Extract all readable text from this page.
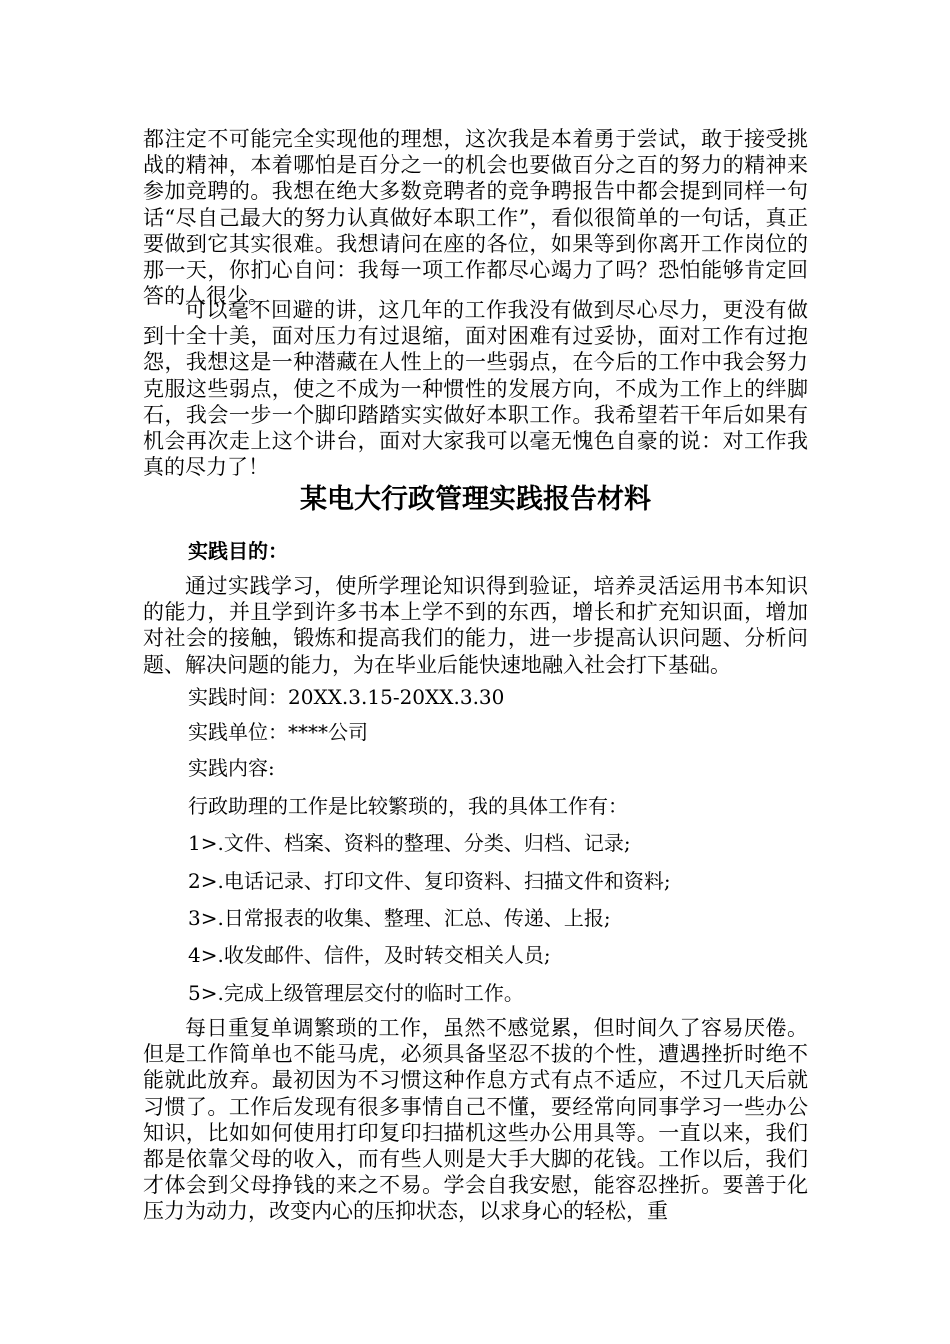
都注定不可能完全实现他的理想，这次我是本着勇于尝试，敢于接受挑战的精神，本着哪怕是百分之一的机会也要做百分之百的努力的精神来参加竞聘的。我想在绝大多数竞聘者的竞争聘报告中都会提到同样一句话“尽自己最大的努力认真做好本职工作”，看似很简单的一句话，真正要做到它其实很难。我想请问在座的各位，如果等到你离开工作岗位的那一天，你扪心自问：我每一项工作都尽心竭力了吗？恐怕能够肯定回答的人很少。

可以毫不回避的讲，这几年的工作我没有做到尽心尽力，更没有做到十全十美，面对压力有过退缩，面对困难有过妥协，面对工作有过抱怨，我想这是一种潜藏在人性上的一些弱点，在今后的工作中我会努力克服这些弱点，使之不成为一种惯性的发展方向，不成为工作上的绊脚石，我会一步一个脚印踏踏实实做好本职工作。我希望若干年后如果有机会再次走上这个讲台，面对大家我可以毫无愧色自豪的说：对工作我真的尽力了！

某电大行政管理实践报告材料

实践目的：

通过实践学习，使所学理论知识得到验证，培养灵活运用书本知识的能力，并且学到许多书本上学不到的东西，增长和扩充知识面，增加对社会的接触，锻炼和提高我们的能力，进一步提高认识问题、分析问题、解决问题的能力，为在毕业后能快速地融入社会打下基础。

实践时间：20XX.3.15-20XX.3.30

实践单位：****公司

实践内容:

行政助理的工作是比较繁琐的，我的具体工作有：

1>.文件、档案、资料的整理、分类、归档、记录;

2>.电话记录、打印文件、复印资料、扫描文件和资料;

3>.日常报表的收集、整理、汇总、传递、上报;

4>.收发邮件、信件，及时转交相关人员;

5>.完成上级管理层交付的临时工作。

每日重复单调繁琐的工作，虽然不感觉累，但时间久了容易厌倦。但是工作简单也不能马虎，必须具备坚忍不拔的个性，遭遇挫折时绝不能就此放弃。最初因为不习惯这种作息方式有点不适应，不过几天后就习惯了。工作后发现有很多事情自己不懂，要经常向同事学习一些办公知识，比如如何使用打印复印扫描机这些办公用具等。一直以来，我们都是依靠父母的收入，而有些人则是大手大脚的花钱。工作以后，我们才体会到父母挣钱的来之不易。学会自我安慰，能容忍挫折。要善于化压力为动力，改变内心的压抑状态，以求身心的轻松，重
